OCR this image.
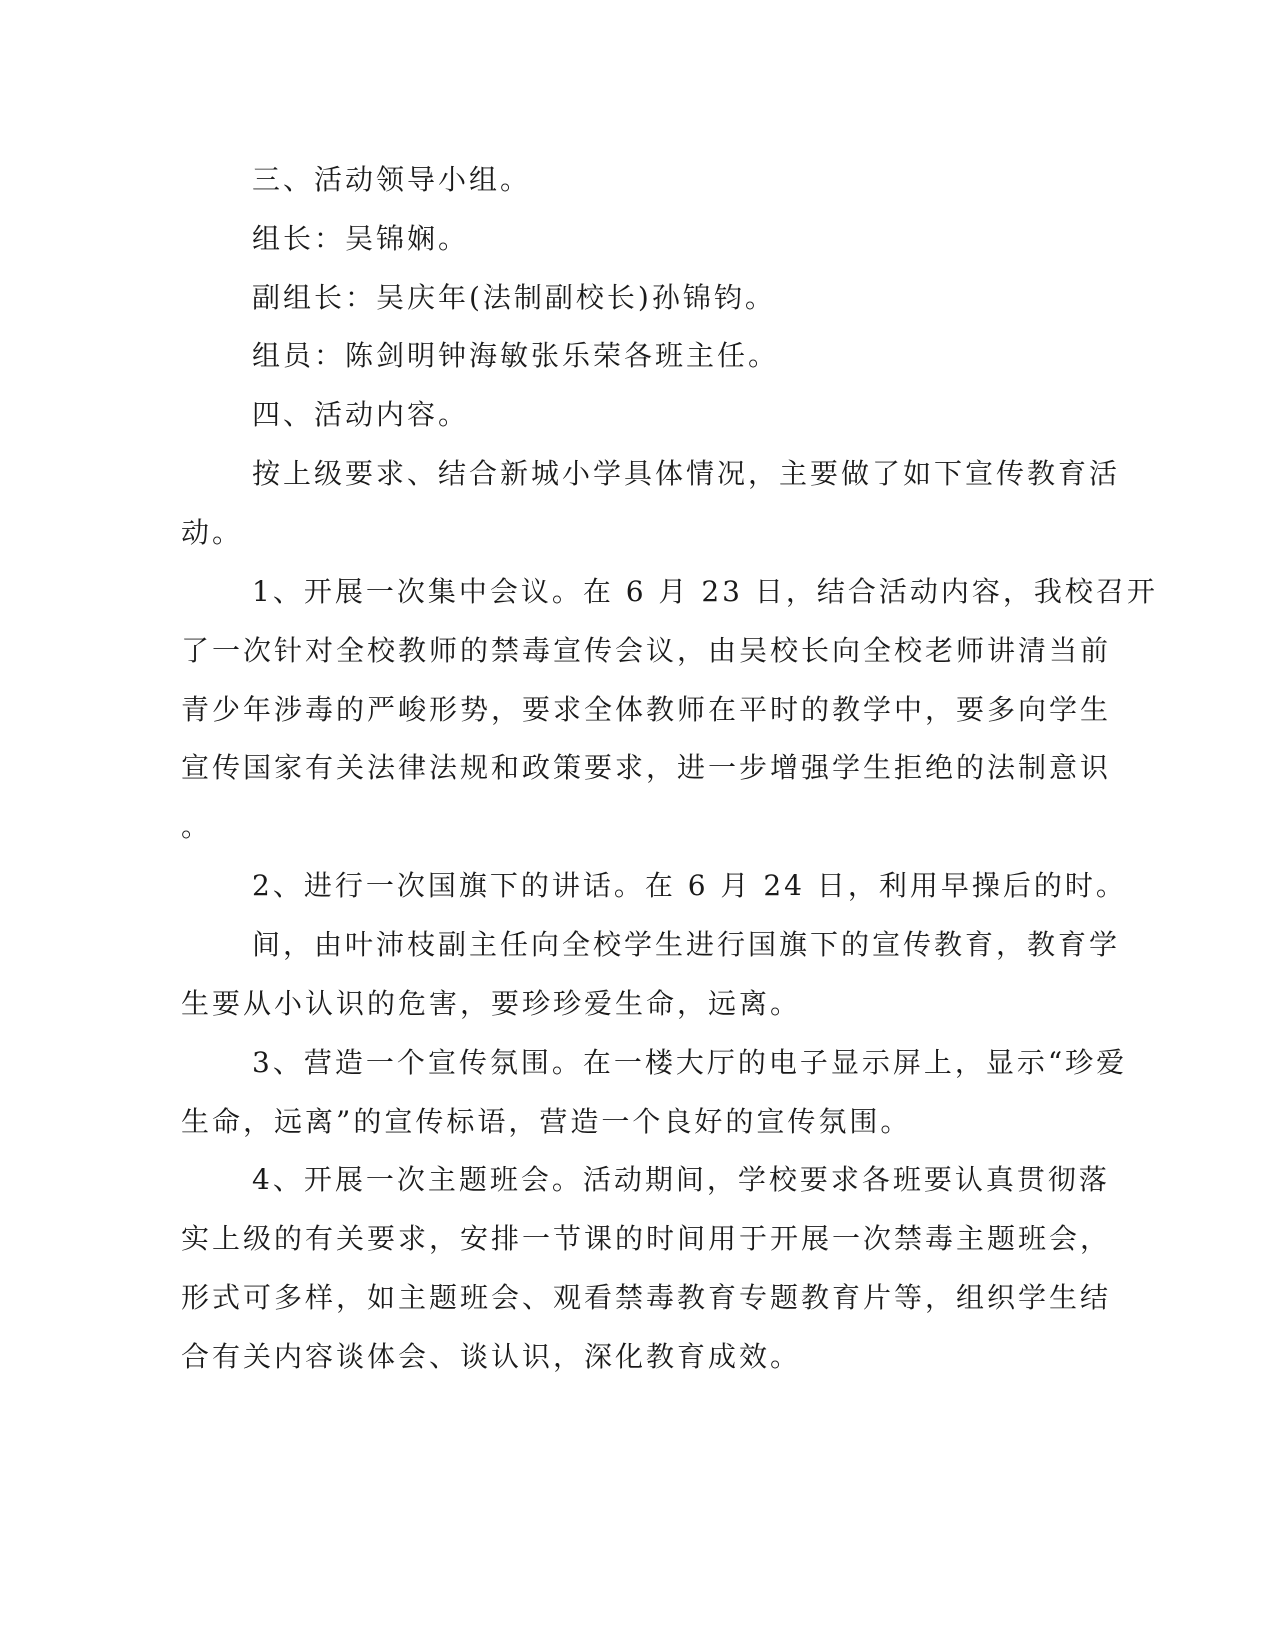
三、活动领导小组。
组长：吴锦娴。
副组长：吴庆年(法制副校长)孙锦钧。
组员：陈剑明钟海敏张乐荣各班主任。
四、活动内容。
按上级要求、结合新城小学具体情况，主要做了如下宣传教育活
动。
1、开展一次集中会议。在 6 月 23 日，结合活动内容，我校召开
了一次针对全校教师的禁毒宣传会议，由吴校长向全校老师讲清当前
青少年涉毒的严峻形势，要求全体教师在平时的教学中，要多向学生
宣传国家有关法律法规和政策要求，进一步增强学生拒绝的法制意识
。
2、进行一次国旗下的讲话。在 6 月 24 日，利用早操后的时。
间，由叶沛枝副主任向全校学生进行国旗下的宣传教育，教育学
生要从小认识的危害，要珍珍爱生命，远离。
3、营造一个宣传氛围。在一楼大厅的电子显示屏上，显示“珍爱
生命，远离”的宣传标语，营造一个良好的宣传氛围。
4、开展一次主题班会。活动期间，学校要求各班要认真贯彻落
实上级的有关要求，安排一节课的时间用于开展一次禁毒主题班会，
形式可多样，如主题班会、观看禁毒教育专题教育片等，组织学生结
合有关内容谈体会、谈认识，深化教育成效。
